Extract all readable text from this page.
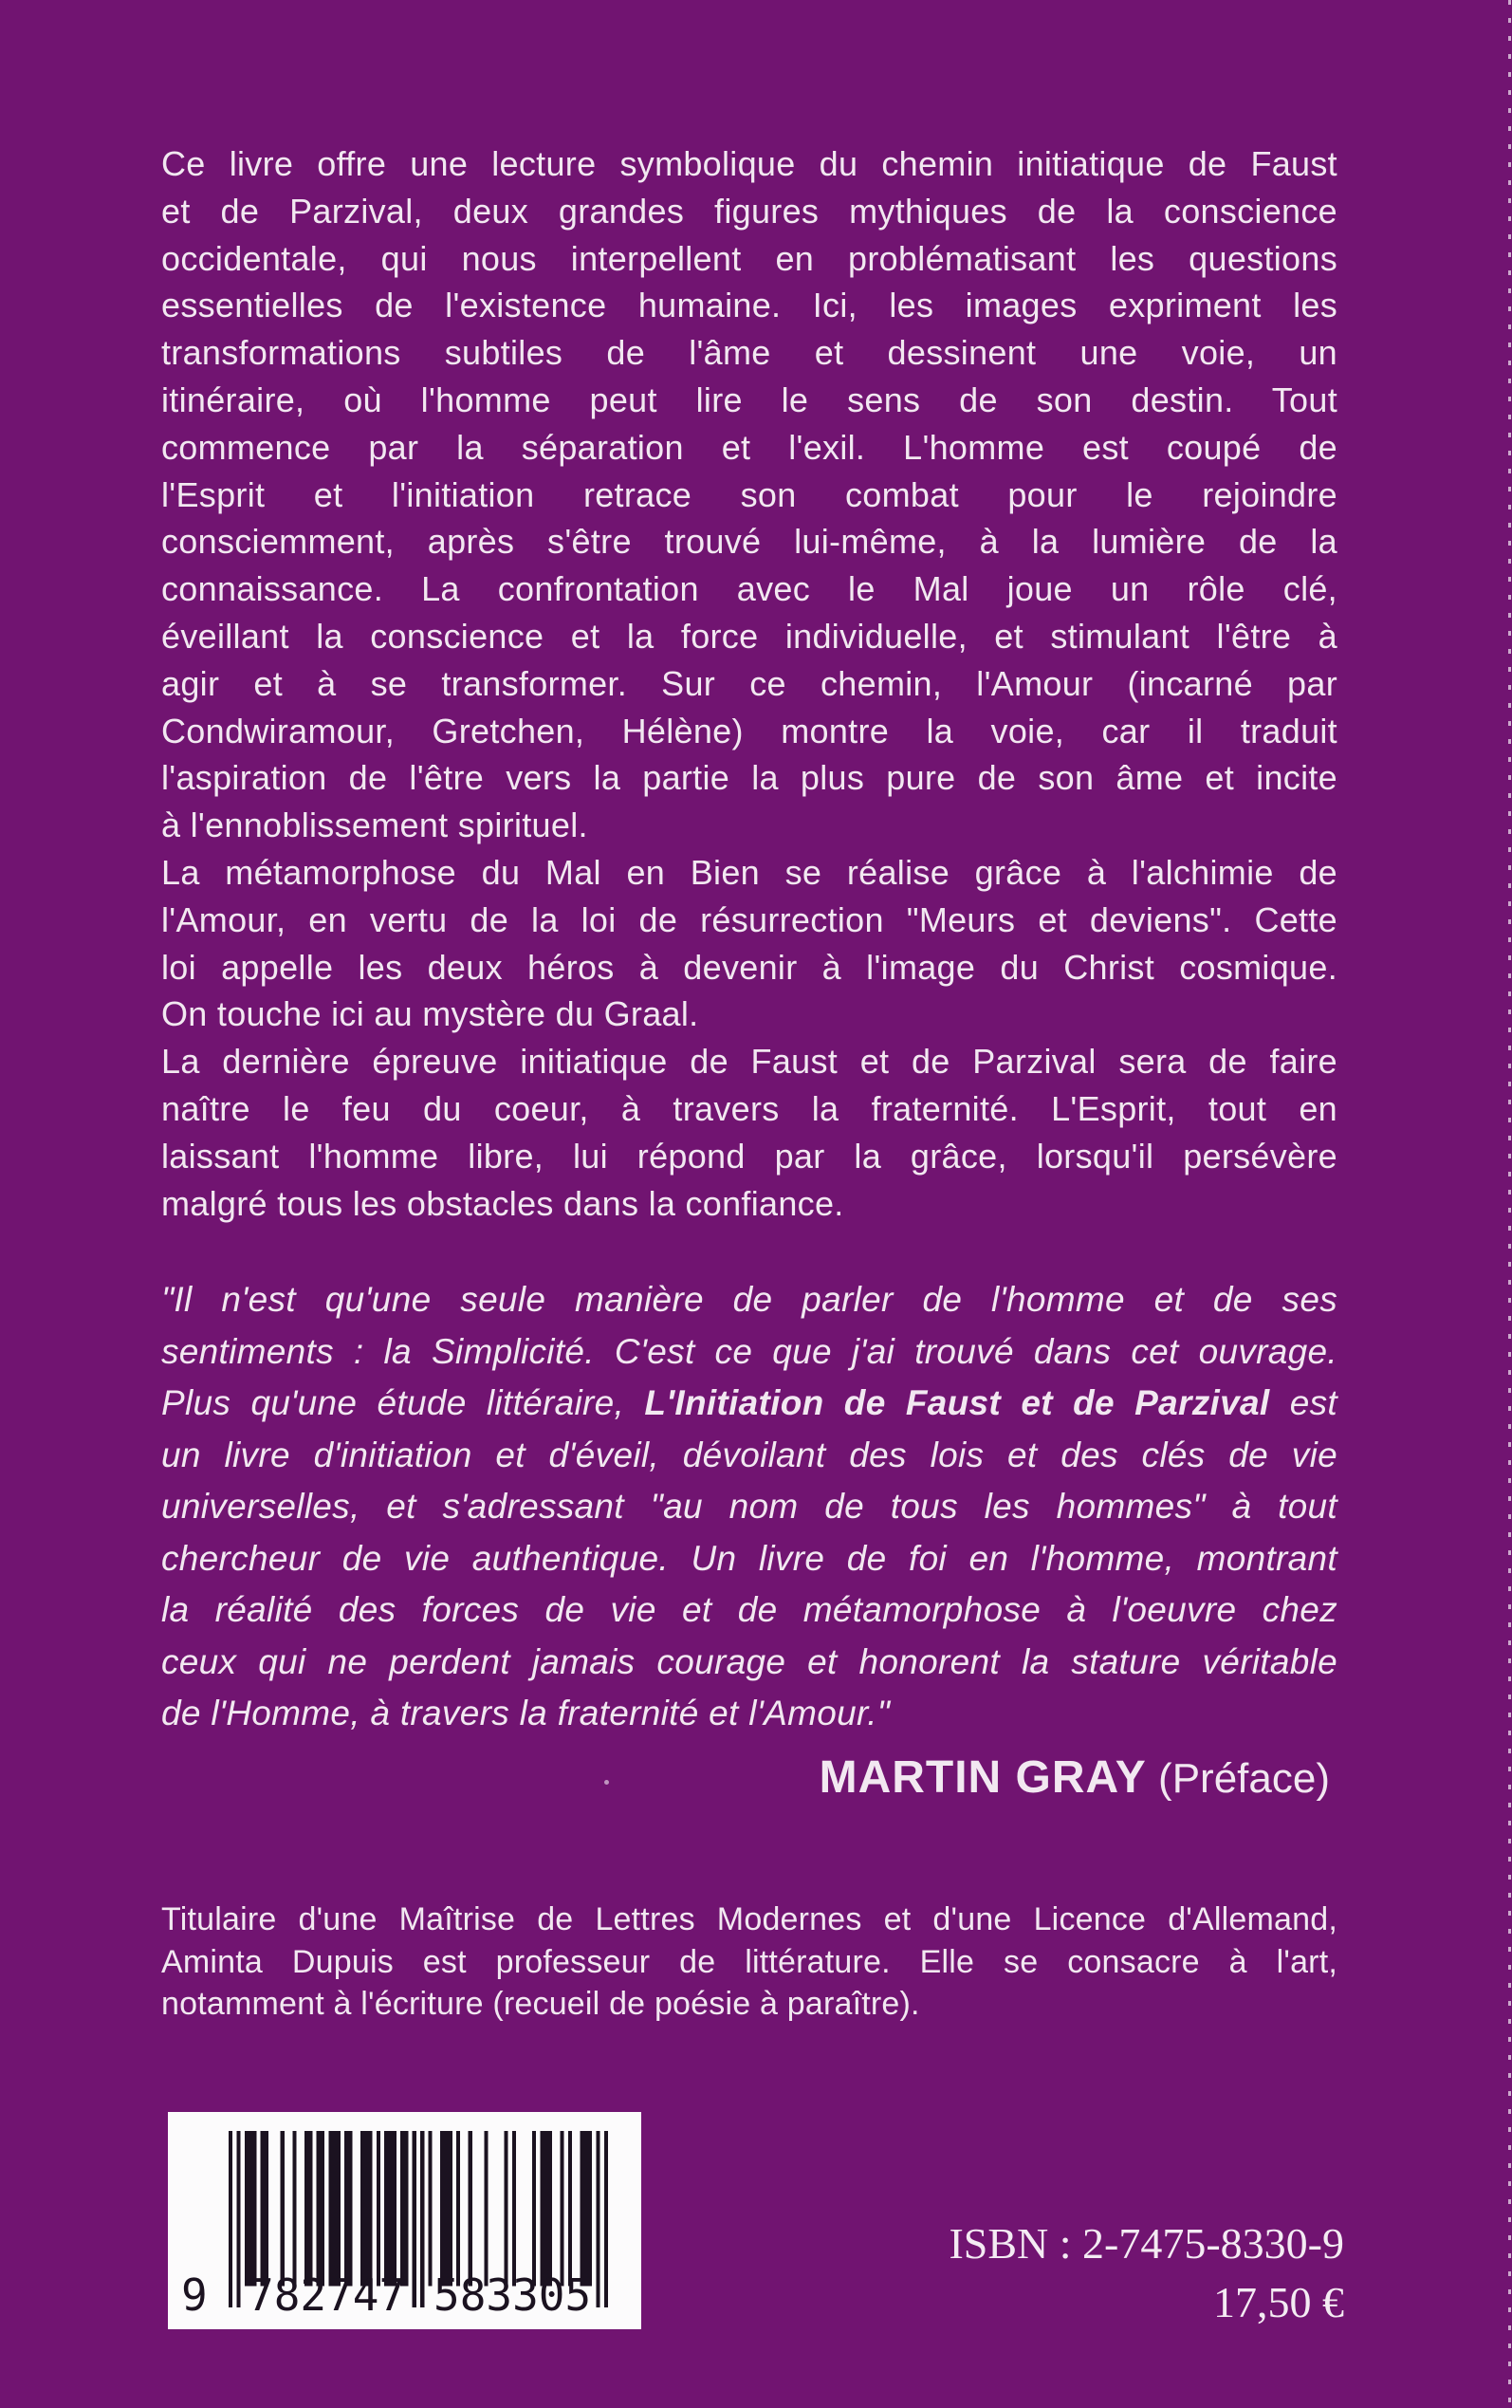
Ce livre offre une lecture symbolique du chemin initiatique de Faust
et de Parzival, deux grandes figures mythiques de la conscience
occidentale, qui nous interpellent en problématisant les questions
essentielles de l'existence humaine. Ici, les images expriment les
transformations subtiles de l'âme et dessinent une voie, un
itinéraire, où l'homme peut lire le sens de son destin. Tout
commence par la séparation et l'exil. L'homme est coupé de
l'Esprit et l'initiation retrace son combat pour le rejoindre
consciemment, après s'être trouvé lui-même, à la lumière de la
connaissance. La confrontation avec le Mal joue un rôle clé,
éveillant la conscience et la force individuelle, et stimulant l'être à
agir et à se transformer. Sur ce chemin, l'Amour (incarné par
Condwiramour, Gretchen, Hélène) montre la voie, car il traduit
l'aspiration de l'être vers la partie la plus pure de son âme et incite
à l'ennoblissement spirituel.
La métamorphose du Mal en Bien se réalise grâce à l'alchimie de
l'Amour, en vertu de la loi de résurrection "Meurs et deviens". Cette
loi appelle les deux héros à devenir à l'image du Christ cosmique.
On touche ici au mystère du Graal.
La dernière épreuve initiatique de Faust et de Parzival sera de faire
naître le feu du coeur, à travers la fraternité. L'Esprit, tout en
laissant l'homme libre, lui répond par la grâce, lorsqu'il persévère
malgré tous les obstacles dans la confiance.
"Il n'est qu'une seule manière de parler de l'homme et de ses
sentiments : la Simplicité. C'est ce que j'ai trouvé dans cet ouvrage.
Plus qu'une étude littéraire, L'Initiation de Faust et de Parzival est
un livre d'initiation et d'éveil, dévoilant des lois et des clés de vie
universelles, et s'adressant "au nom de tous les hommes" à tout
chercheur de vie authentique. Un livre de foi en l'homme, montrant
la réalité des forces de vie et de métamorphose à l'oeuvre chez
ceux qui ne perdent jamais courage et honorent la stature véritable
de l'Homme, à travers la fraternité et l'Amour."
MARTIN GRAY (Préface)
Titulaire d'une Maîtrise de Lettres Modernes et d'une Licence d'Allemand,
Aminta Dupuis est professeur de littérature. Elle se consacre à l'art,
notamment à l'écriture (recueil de poésie à paraître).
9 782747 583305
ISBN : 2-7475-8330-9
17,50 €
